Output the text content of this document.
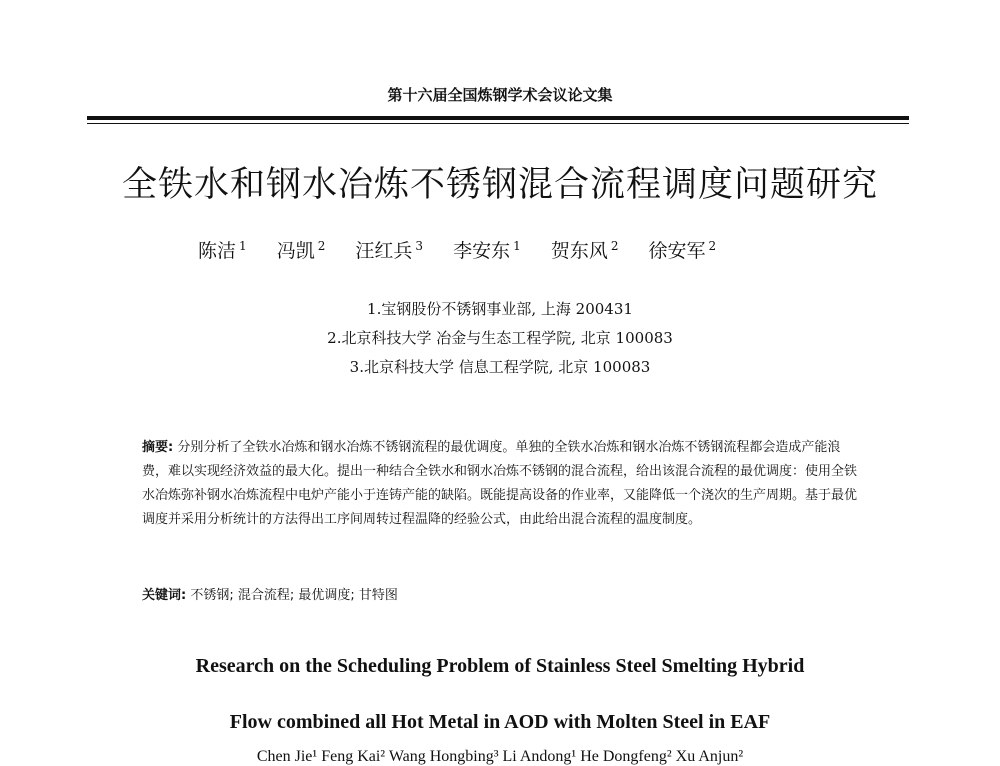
第十六届全国炼钢学术会议论文集
全铁水和钢水冶炼不锈钢混合流程调度问题研究
陈洁 $^1$ 冯凯 $^2$ 汪红兵 $^3$ 李安东 $^1$ 贺东风 $^2$ 徐安军 $^2$
1.宝钢股份不锈钢事业部, 上海 200431
2.北京科技大学 冶金与生态工程学院, 北京 100083
3.北京科技大学 信息工程学院, 北京 100083
摘要: 分别分析了全铁水冶炼和钢水冶炼不锈钢流程的最优调度。单独的全铁水冶炼和钢水冶炼不锈钢流程都会造成产能浪费，难以实现经济效益的最大化。提出一种结合全铁水和钢水冶炼不锈钢的混合流程，给出该混合流程的最优调度：使用全铁水冶炼弥补钢水冶炼流程中电炉产能小于连铸产能的缺陷。既能提高设备的作业率，又能降低一个浇次的生产周期。基于最优调度并采用分析统计的方法得出工序间周转过程温降的经验公式，由此给出混合流程的温度制度。
关键词: 不锈钢; 混合流程; 最优调度; 甘特图
Research on the Scheduling Problem of Stainless Steel Smelting Hybrid
Flow combined all Hot Metal in AOD with Molten Steel in EAF
Chen Jie¹ Feng Kai² Wang Hongbing³ Li Andong¹ He Dongfeng² Xu Anjun²
